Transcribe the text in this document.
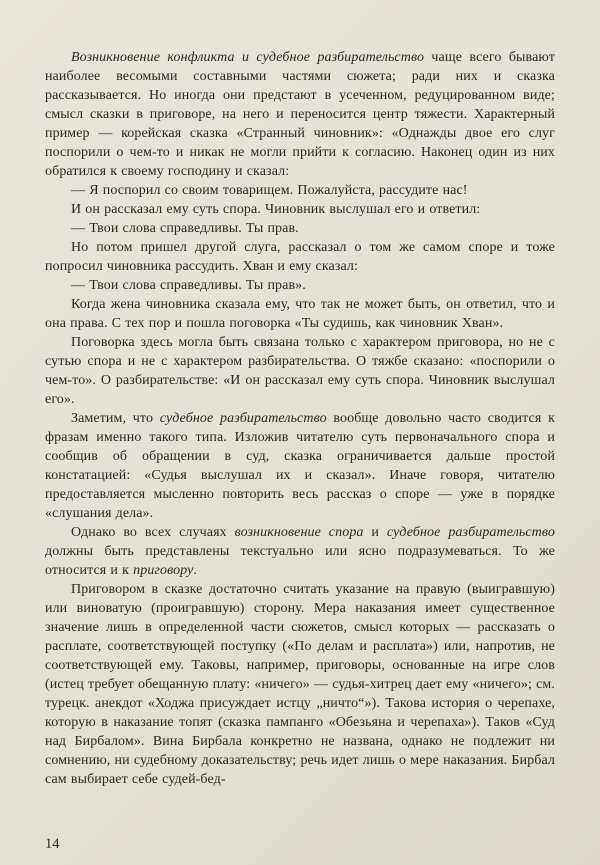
Возникновение конфликта и судебное разбирательство чаще всего бывают наиболее весомыми составными частями сюжета; ради них и сказка рассказывается. Но иногда они предстают в усеченном, редуцированном виде; смысл сказки в приговоре, на него и переносится центр тяжести. Характерный пример — корейская сказка «Странный чиновник»: «Однажды двое его слуг поспорили о чем-то и никак не могли прийти к согласию. Наконец один из них обратился к своему господину и сказал:

— Я поспорил со своим товарищем. Пожалуйста, рассудите нас!

И он рассказал ему суть спора. Чиновник выслушал его и ответил:

— Твои слова справедливы. Ты прав.

Но потом пришел другой слуга, рассказал о том же самом споре и тоже попросил чиновника рассудить. Хван и ему сказал:

— Твои слова справедливы. Ты прав».

Когда жена чиновника сказала ему, что так не может быть, он ответил, что и она права. С тех пор и пошла поговорка «Ты судишь, как чиновник Хван».

Поговорка здесь могла быть связана только с характером приговора, но не с сутью спора и не с характером разбирательства. О тяжбе сказано: «поспорили о чем-то». О разбирательстве: «И он рассказал ему суть спора. Чиновник выслушал его».

Заметим, что судебное разбирательство вообще довольно часто сводится к фразам именно такого типа. Изложив читателю суть первоначального спора и сообщив об обращении в суд, сказка ограничивается дальше простой констатацией: «Судья выслушал их и сказал». Иначе говоря, читателю предоставляется мысленно повторить весь рассказ о споре — уже в порядке «слушания дела».

Однако во всех случаях возникновение спора и судебное разбирательство должны быть представлены текстуально или ясно подразумеваться. То же относится и к приговору.

Приговором в сказке достаточно считать указание на правую (выигравшую) или виноватую (проигравшую) сторону. Мера наказания имеет существенное значение лишь в определенной части сюжетов, смысл которых — рассказать о расплате, соответствующей поступку («По делам и расплата») или, напротив, не соответствующей ему. Таковы, например, приговоры, основанные на игре слов (истец требует обещанную плату: «ничего» — судья-хитрец дает ему «ничего»; см. турецк. анекдот «Ходжа присуждает истцу „ничто“»). Такова история о черепахе, которую в наказание топят (сказка пампанго «Обезьяна и черепаха»). Таков «Суд над Бирбалом». Вина Бирбала конкретно не названа, однако не подлежит ни сомнению, ни судебному доказательству; речь идет лишь о мере наказания. Бирбал сам выбирает себе судей-бед-

14
